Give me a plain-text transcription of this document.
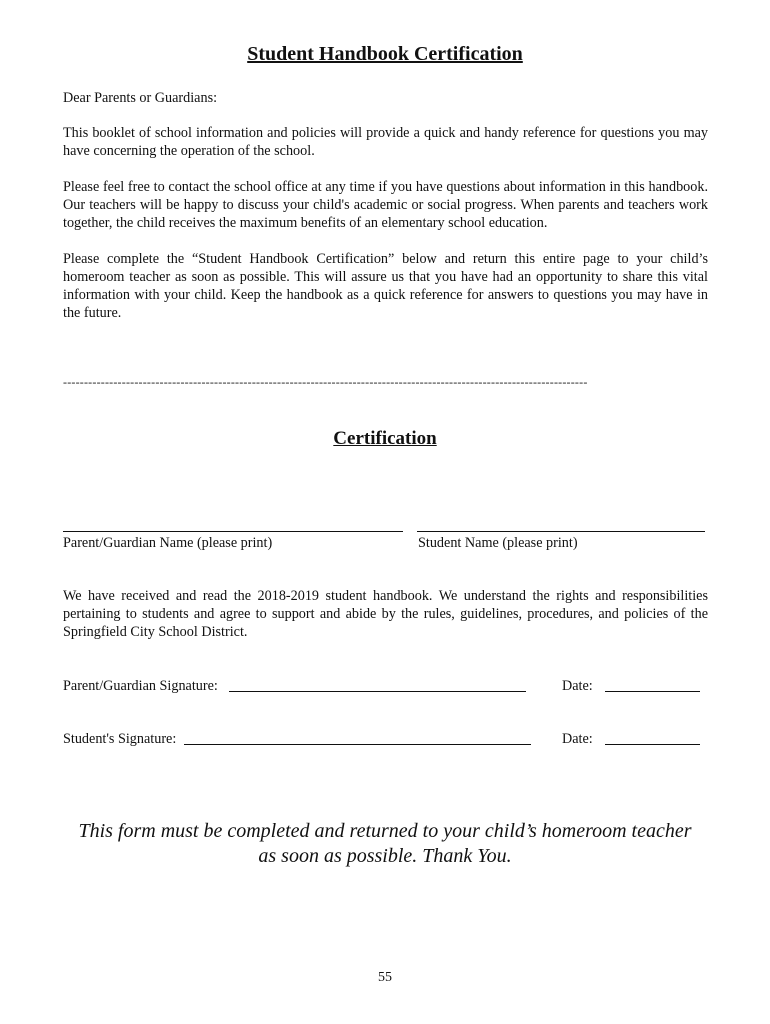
Student Handbook Certification
Dear Parents or Guardians:

This booklet of school information and policies will provide a quick and handy reference for questions you may have concerning the operation of the school.

Please feel free to contact the school office at any time if you have questions about information in this handbook. Our teachers will be happy to discuss your child's academic or social progress. When parents and teachers work together, the child receives the maximum benefits of an elementary school education.

Please complete the “Student Handbook Certification” below and return this entire page to your child’s homeroom teacher as soon as possible. This will assure us that you have had an opportunity to share this vital information with your child. Keep the handbook as a quick reference for answers to questions you may have in the future.

-----------------------------------------------------------------------------------------------------------------------------
Certification
Parent/Guardian Name (please print)	Student Name (please print)

We have received and read the 2018-2019 student handbook. We understand the rights and responsibilities pertaining to students and agree to support and abide by the rules, guidelines, procedures, and policies of the Springfield City School District.

Parent/Guardian Signature:	Date:
Student's Signature:	Date:
This form must be completed and returned to your child’s homeroom teacher
as soon as possible. Thank You.
55
